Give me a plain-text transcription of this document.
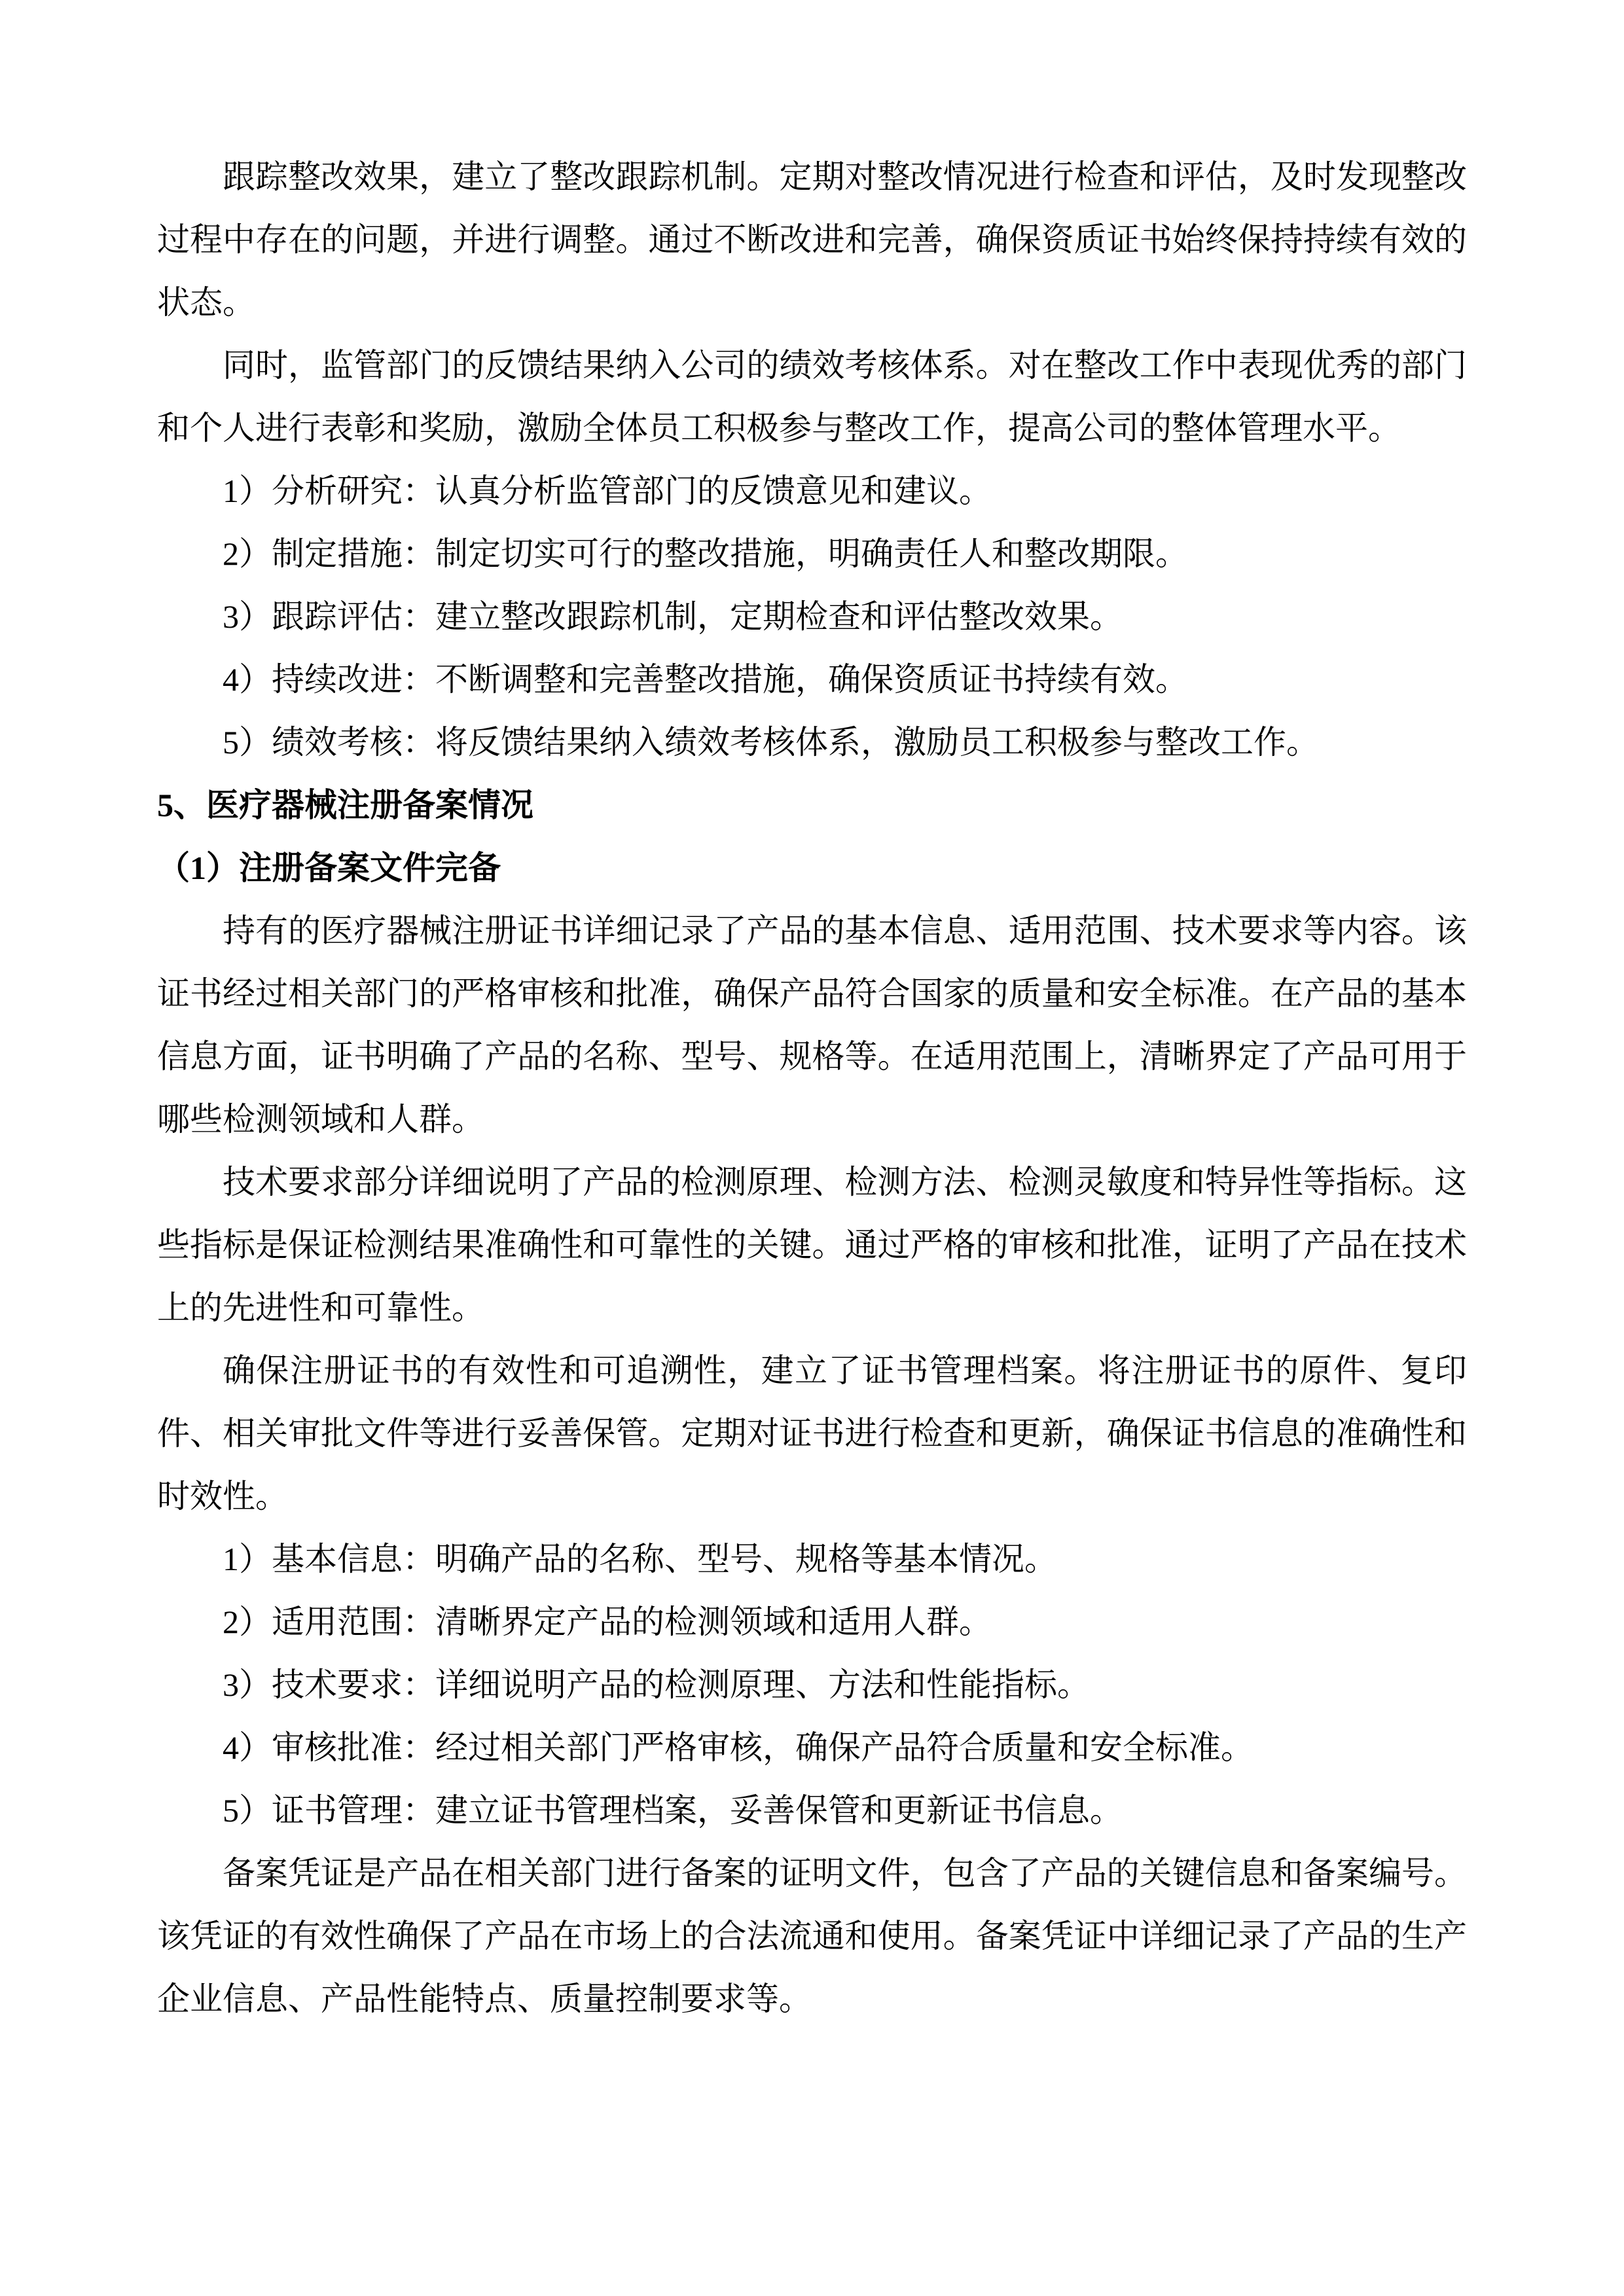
跟踪整改效果，建立了整改跟踪机制。定期对整改情况进行检查和评估，及时发现整改过程中存在的问题，并进行调整。通过不断改进和完善，确保资质证书始终保持持续有效的状态。

同时，监管部门的反馈结果纳入公司的绩效考核体系。对在整改工作中表现优秀的部门和个人进行表彰和奖励，激励全体员工积极参与整改工作，提高公司的整体管理水平。

1）分析研究：认真分析监管部门的反馈意见和建议。

2）制定措施：制定切实可行的整改措施，明确责任人和整改期限。

3）跟踪评估：建立整改跟踪机制，定期检查和评估整改效果。

4）持续改进：不断调整和完善整改措施，确保资质证书持续有效。

5）绩效考核：将反馈结果纳入绩效考核体系，激励员工积极参与整改工作。

5、医疗器械注册备案情况

（1）注册备案文件完备

持有的医疗器械注册证书详细记录了产品的基本信息、适用范围、技术要求等内容。该证书经过相关部门的严格审核和批准，确保产品符合国家的质量和安全标准。在产品的基本信息方面，证书明确了产品的名称、型号、规格等。在适用范围上，清晰界定了产品可用于哪些检测领域和人群。

技术要求部分详细说明了产品的检测原理、检测方法、检测灵敏度和特异性等指标。这些指标是保证检测结果准确性和可靠性的关键。通过严格的审核和批准，证明了产品在技术上的先进性和可靠性。

确保注册证书的有效性和可追溯性，建立了证书管理档案。将注册证书的原件、复印件、相关审批文件等进行妥善保管。定期对证书进行检查和更新，确保证书信息的准确性和时效性。

1）基本信息：明确产品的名称、型号、规格等基本情况。

2）适用范围：清晰界定产品的检测领域和适用人群。

3）技术要求：详细说明产品的检测原理、方法和性能指标。

4）审核批准：经过相关部门严格审核，确保产品符合质量和安全标准。

5）证书管理：建立证书管理档案，妥善保管和更新证书信息。

备案凭证是产品在相关部门进行备案的证明文件，包含了产品的关键信息和备案编号。该凭证的有效性确保了产品在市场上的合法流通和使用。备案凭证中详细记录了产品的生产企业信息、产品性能特点、质量控制要求等。
